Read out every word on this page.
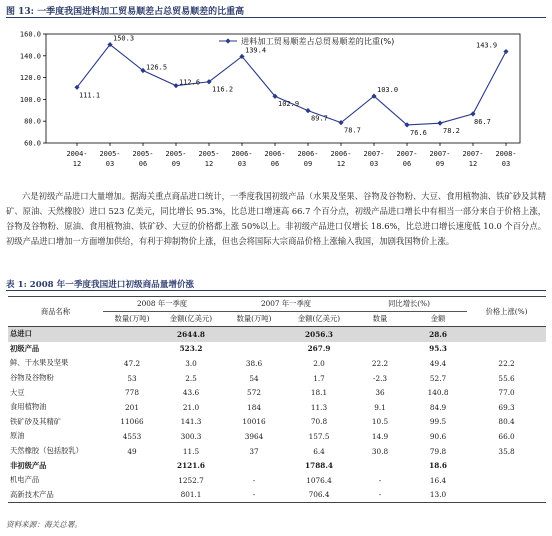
图 13: 一季度我国进料加工贸易顺差占总贸易顺差的比重高
60.0
80.0
100.0
120.0
140.0
160.0
2004-
12
2005-
03
2005-
06
2005-
09
2005-
12
2006-
03
2006-
06
2006-
09
2006-
12
2007-
03
2007-
06
2007-
09
2007-
12
2008-
03
111.1
150.3
126.5
112.6
116.2
139.4
102.9
89.7
78.7
103.0
76.6 78.2
86.7
143.9
进料加工贸易顺差占总贸易顺差的比重(%)
六是初级产品进口大量增加。据海关重点商品进口统计，一季度我国初级产品（水果及坚果、谷物及谷物粉、大豆、食用植物油、铁矿砂及其精矿、原油、天然橡胶）进口 523 亿美元，同比增长 95.3%，比总进口增速高 66.7 个百分点，初级产品进口增长中有相当一部分来自于价格上涨，谷物及谷物粉、原油、食用植物油、铁矿砂、大豆的价格都上涨 50%以上。非初级产品进口仅增长 18.6%，比总进口增长速度低 10.0 个百分点。初级产品进口增加一方面增加供给，有利于抑制物价上涨，但也会将国际大宗商品价格上涨输入我国，加剧我国物价上涨。
表 1: 2008 年一季度我国进口初级商品量增价涨
商品名称	2008 年一季度		2007 年一季度		同比增长(%)		价格上涨(%)
	数量(万吨)	金额(亿美元)	数量(万吨)	金额(亿美元)	数量	金额	
总进口		2644.8		2056.3		28.6	
初级产品		523.2		267.9		95.3	
鲜、干水果及坚果	47.2	3.0	38.6	2.0	22.2	49.4	22.2
谷物及谷物粉	53	2.5	54	1.7	-2.3	52.7	55.6
大豆	778	43.6	572	18.1	36	140.8	77.0
食用植物油	201	21.0	184	11.3	9.1	84.9	69.3
铁矿砂及其精矿	11066	141.3	10016	70.8	10.5	99.5	80.4
原油	4553	300.3	3964	157.5	14.9	90.6	66.0
天然橡胶（包括胶乳）	49	11.5	37	6.4	30.8	79.8	35.8
非初级产品		2121.6		1788.4		18.6	
机电产品		1252.7	-	1076.4	-	16.4	
高新技术产品		801.1	-	706.4	-	13.0	
资料来源：海关总署。
